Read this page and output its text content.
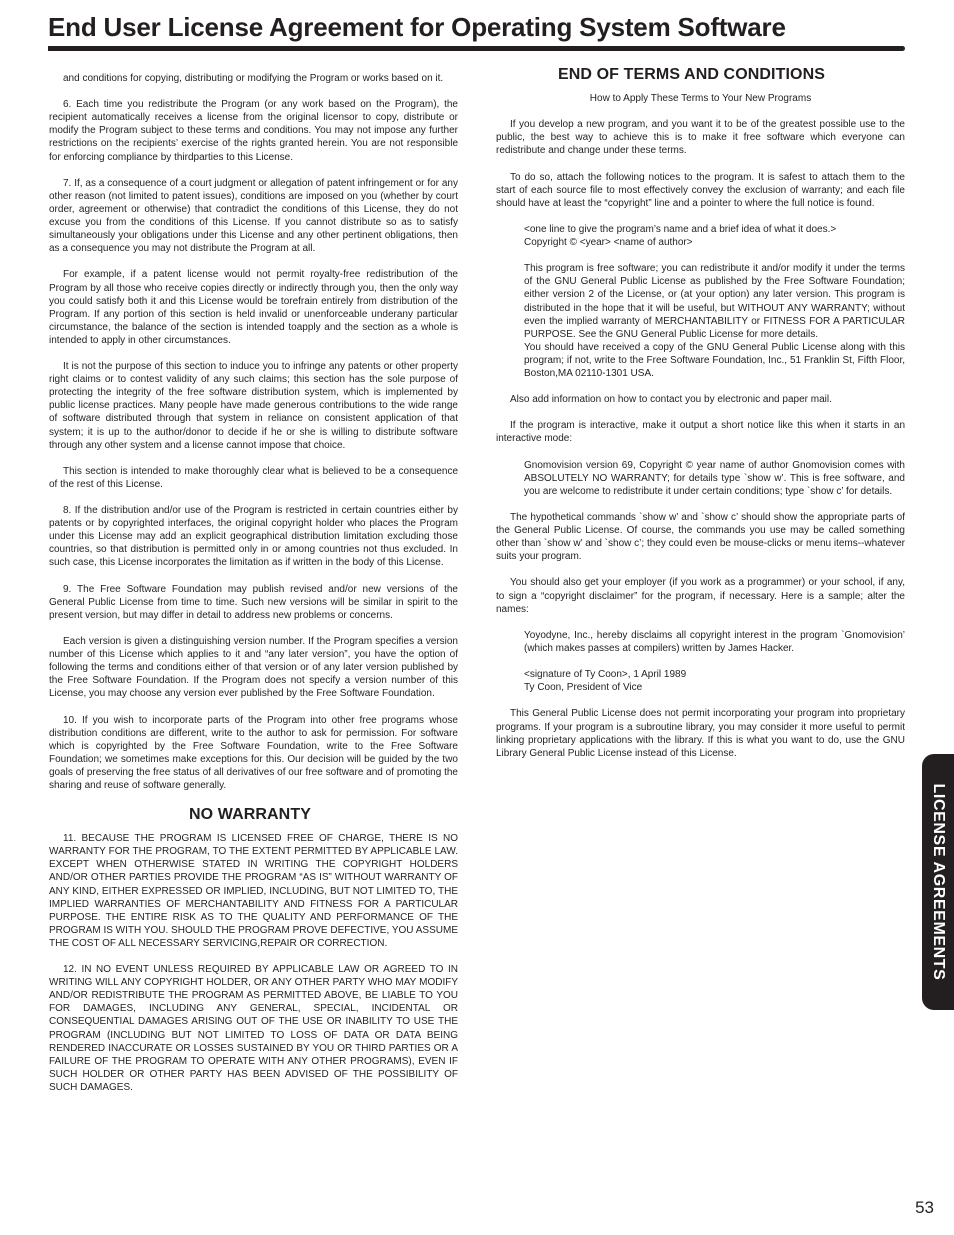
End User License Agreement for Operating System Software

and conditions for copying, distributing or modifying the Program or works based on it.

6. Each time you redistribute the Program (or any work based on the Program), the recipient automatically receives a license from the original licensor to copy, distribute or modify the Program subject to these terms and conditions. You may not impose any further restrictions on the recipients’ exercise of the rights granted herein. You are not responsible for enforcing compliance by thirdparties to this License.

7. If, as a consequence of a court judgment or allegation of patent infringement or for any other reason (not limited to patent issues), conditions are imposed on you (whether by court order, agreement or otherwise) that contradict the conditions of this License, they do not excuse you from the conditions of this License. If you cannot distribute so as to satisfy simultaneously your obligations under this License and any other pertinent obligations, then as a consequence you may not distribute the Program at all.

For example, if a patent license would not permit royalty-free redistribution of the Program by all those who receive copies directly or indirectly through you, then the only way you could satisfy both it and this License would be torefrain entirely from distribution of the Program. If any portion of this section is held invalid or unenforceable underany particular circumstance, the balance of the section is intended toapply and the section as a whole is intended to apply in other circumstances.

It is not the purpose of this section to induce you to infringe any patents or other property right claims or to contest validity of any such claims; this section has the sole purpose of protecting the integrity of the free software distribution system, which is implemented by public license practices. Many people have made generous contributions to the wide range of software distributed through that system in reliance on consistent application of that system; it is up to the author/donor to decide if he or she is willing to distribute software through any other system and a license cannot impose that choice.

This section is intended to make thoroughly clear what is believed to be a consequence of the rest of this License.

8. If the distribution and/or use of the Program is restricted in certain countries either by patents or by copyrighted interfaces, the original copyright holder who places the Program under this License may add an explicit geographical distribution limitation excluding those countries, so that distribution is permitted only in or among countries not thus excluded. In such case, this License incorporates the limitation as if written in the body of this License.

9. The Free Software Foundation may publish revised and/or new versions of the General Public License from time to time. Such new versions will be similar in spirit to the present version, but may differ in detail to address new problems or concerns.

Each version is given a distinguishing version number. If the Program specifies a version number of this License which applies to it and “any later version”, you have the option of following the terms and conditions either of that version or of any later version published by the Free Software Foundation. If the Program does not specify a version number of this License, you may choose any version ever published by the Free Software Foundation.

10. If you wish to incorporate parts of the Program into other free programs whose distribution conditions are different, write to the author to ask for permission. For software which is copyrighted by the Free Software Foundation, write to the Free Software Foundation; we sometimes make exceptions for this. Our decision will be guided by the two goals of preserving the free status of all derivatives of our free software and of promoting the sharing and reuse of software generally.

NO WARRANTY

11. BECAUSE THE PROGRAM IS LICENSED FREE OF CHARGE, THERE IS NO WARRANTY FOR THE PROGRAM, TO THE EXTENT PERMITTED BY APPLICABLE LAW. EXCEPT WHEN OTHERWISE STATED IN WRITING THE COPYRIGHT HOLDERS AND/OR OTHER PARTIES PROVIDE THE PROGRAM “AS IS” WITHOUT WARRANTY OF ANY KIND, EITHER EXPRESSED OR IMPLIED, INCLUDING, BUT NOT LIMITED TO, THE IMPLIED WARRANTIES OF MERCHANTABILITY AND FITNESS FOR A PARTICULAR PURPOSE. THE ENTIRE RISK AS TO THE QUALITY AND PERFORMANCE OF THE PROGRAM IS WITH YOU. SHOULD THE PROGRAM PROVE DEFECTIVE, YOU ASSUME THE COST OF ALL NECESSARY SERVICING,REPAIR OR CORRECTION.

12. IN NO EVENT UNLESS REQUIRED BY APPLICABLE LAW OR AGREED TO IN WRITING WILL ANY COPYRIGHT HOLDER, OR ANY OTHER PARTY WHO MAY MODIFY AND/OR REDISTRIBUTE THE PROGRAM AS PERMITTED ABOVE, BE LIABLE TO YOU FOR DAMAGES, INCLUDING ANY GENERAL, SPECIAL, INCIDENTAL OR CONSEQUENTIAL DAMAGES ARISING OUT OF THE USE OR INABILITY TO USE THE PROGRAM (INCLUDING BUT NOT LIMITED TO LOSS OF DATA OR DATA BEING RENDERED INACCURATE OR LOSSES SUSTAINED BY YOU OR THIRD PARTIES OR A FAILURE OF THE PROGRAM TO OPERATE WITH ANY OTHER PROGRAMS), EVEN IF SUCH HOLDER OR OTHER PARTY HAS BEEN ADVISED OF THE POSSIBILITY OF SUCH DAMAGES.

END OF TERMS AND CONDITIONS

How to Apply These Terms to Your New Programs

If you develop a new program, and you want it to be of the greatest possible use to the public, the best way to achieve this is to make it free software which everyone can redistribute and change under these terms.

To do so, attach the following notices to the program. It is safest to attach them to the start of each source file to most effectively convey the exclusion of warranty; and each file should have at least the “copyright” line and a pointer to where the full notice is found.

<one line to give the program’s name and a brief idea of what it does.>

Copyright © <year> <name of author>

This program is free software; you can redistribute it and/or modify it under the terms of the GNU General Public License as published by the Free Software Foundation; either version 2 of the License, or (at your option) any later version. This program is distributed in the hope that it will be useful, but WITHOUT ANY WARRANTY; without even the implied warranty of MERCHANTABILITY or FITNESS FOR A PARTICULAR PURPOSE. See the GNU General Public License for more details.

You should have received a copy of the GNU General Public License along with this program; if not, write to the Free Software Foundation, Inc., 51 Franklin St, Fifth Floor, Boston,MA 02110-1301 USA.

Also add information on how to contact you by electronic and paper mail.

If the program is interactive, make it output a short notice like this when it starts in an interactive mode:

Gnomovision version 69, Copyright © year name of author Gnomovision comes with ABSOLUTELY NO WARRANTY; for details type `show w’. This is free software, and you are welcome to redistribute it under certain conditions; type `show c’ for details.

The hypothetical commands `show w’ and `show c’ should show the appropriate parts of the General Public License. Of course, the commands you use may be called something other than `show w’ and `show c’; they could even be mouse-clicks or menu items--whatever suits your program.

You should also get your employer (if you work as a programmer) or your school, if any, to sign a “copyright disclaimer” for the program, if necessary. Here is a sample; alter the names:

Yoyodyne, Inc., hereby disclaims all copyright interest in the program `Gnomovision’ (which makes passes at compilers) written by James Hacker.

<signature of Ty Coon>, 1 April 1989

Ty Coon, President of Vice

This General Public License does not permit incorporating your program into proprietary programs. If your program is a subroutine library, you may consider it more useful to permit linking proprietary applications with the library. If this is what you want to do, use the GNU Library General Public License instead of this License.

LICENSE AGREEMENTS
53
